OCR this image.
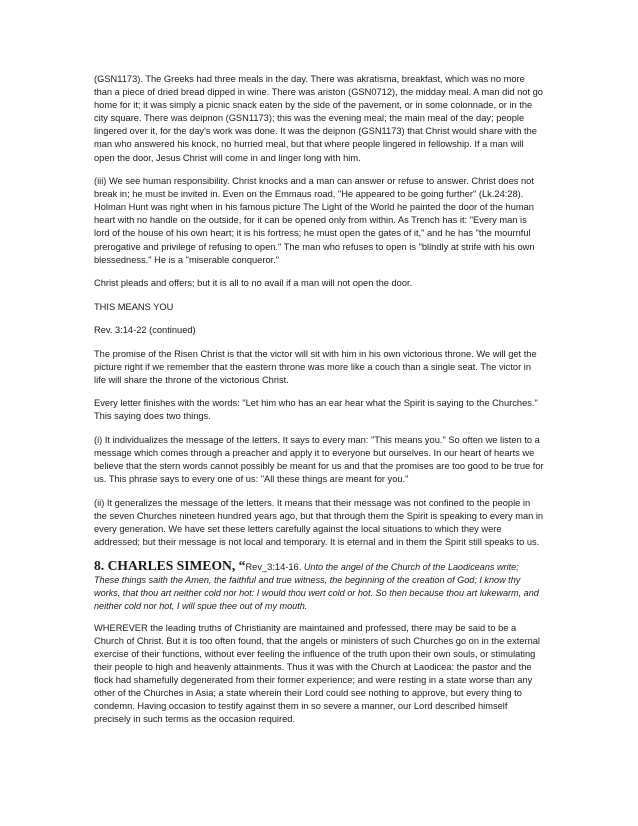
(GSN1173). The Greeks had three meals in the day. There was akratisma, breakfast, which was no more than a piece of dried bread dipped in wine. There was ariston (GSN0712), the midday meal. A man did not go home for it; it was simply a picnic snack eaten by the side of the pavement, or in some colonnade, or in the city square. There was deipnon (GSN1173); this was the evening meal; the main meal of the day; people lingered over it, for the day's work was done. It was the deipnon (GSN1173) that Christ would share with the man who answered his knock, no hurried meal, but that where people lingered in fellowship. If a man will open the door, Jesus Christ will come in and linger long with him.

(iii) We see human responsibility. Christ knocks and a man can answer or refuse to answer. Christ does not break in; he must be invited in. Even on the Emmaus road, "He appeared to be going further" (Lk.24:28). Holman Hunt was right when in his famous picture The Light of the World he painted the door of the human heart with no handle on the outside, for it can be opened only from within. As Trench has it: "Every man is lord of the house of his own heart; it is his fortress; he must open the gates of it," and he has "the mournful prerogative and privilege of refusing to open." The man who refuses to open is "blindly at strife with his own blessedness." He is a "miserable conqueror."

Christ pleads and offers; but it is all to no avail if a man will not open the door.

THIS MEANS YOU

Rev. 3:14-22 (continued)

The promise of the Risen Christ is that the victor will sit with him in his own victorious throne. We will get the picture right if we remember that the eastern throne was more like a couch than a single seat. The victor in life will share the throne of the victorious Christ.

Every letter finishes with the words: "Let him who has an ear hear what the Spirit is saying to the Churches." This saying does two things.

(i) It individualizes the message of the letters. It says to every man: "This means you." So often we listen to a message which comes through a preacher and apply it to everyone but ourselves. In our heart of hearts we believe that the stern words cannot possibly be meant for us and that the promises are too good to be true for us. This phrase says to every one of us: "All these things are meant for you."

(ii) It generalizes the message of the letters. It means that their message was not confined to the people in the seven Churches nineteen hundred years ago, but that through them the Spirit is speaking to every man in every generation. We have set these letters carefully against the local situations to which they were addressed; but their message is not local and temporary. It is eternal and in them the Spirit still speaks to us.

8. CHARLES SIMEON, “Rev_3:14-16. Unto the angel of the Church of the Laodiceans write; These things saith the Amen, the faithful and true witness, the beginning of the creation of God; I know thy works, that thou art neither cold nor hot: I would thou wert cold or hot. So then because thou art lukewarm, and neither cold nor hot, I will spue thee out of my mouth.

WHEREVER the leading truths of Christianity are maintained and professed, there may be said to be a Church of Christ. But it is too often found, that the angels or ministers of such Churches go on in the external exercise of their functions, without ever feeling the influence of the truth upon their own souls, or stimulating their people to high and heavenly attainments. Thus it was with the Church at Laodicea: the pastor and the flock had shamefully degenerated from their former experience; and were resting in a state worse than any other of the Churches in Asia; a state wherein their Lord could see nothing to approve, but every thing to condemn. Having occasion to testify against them in so severe a manner, our Lord described himself precisely in such terms as the occasion required.
